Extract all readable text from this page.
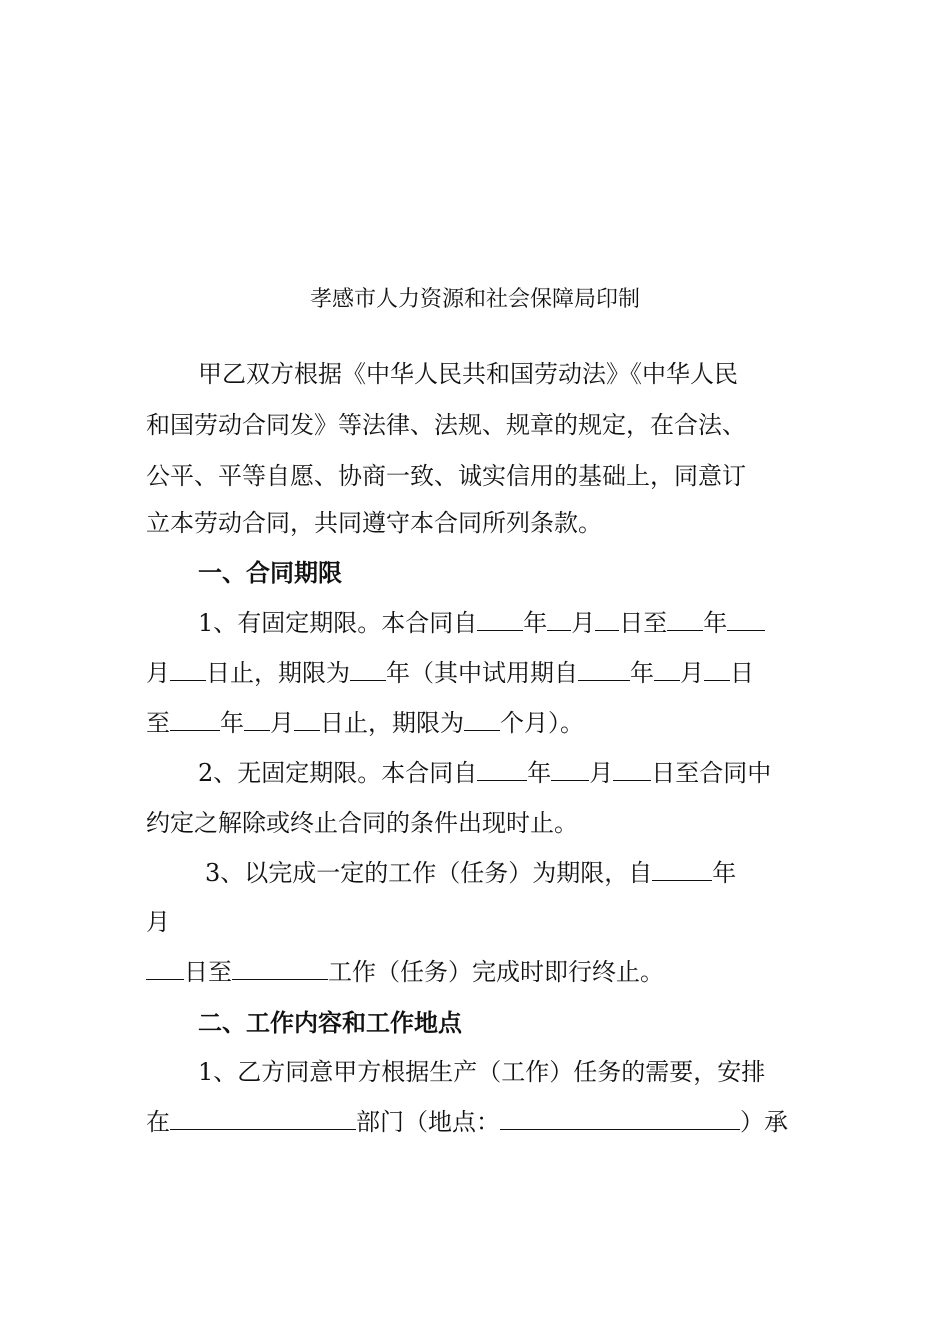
孝感市人力资源和社会保障局印制
甲乙双方根据《中华人民共和国劳动法》《中华人民
和国劳动合同发》等法律、法规、规章的规定，在合法、
公平、平等自愿、协商一致、诚实信用的基础上，同意订
立本劳动合同，共同遵守本合同所列条款。
一、合同期限
1、有固定期限。本合同自 年 月 日至 年
月 日止，期限为 年（其中试用期自 年 月 日
至 年 月 日止，期限为 个月）。
2、无固定期限。本合同自 年 月 日至合同中
约定之解除或终止合同的条件出现时止。
3、以完成一定的工作（任务）为期限，自	年
月
日至	工作（任务）完成时即行终止。
二、工作内容和工作地点
1、乙方同意甲方根据生产（工作）任务的需要，安排
在	部门（地点：	）承
